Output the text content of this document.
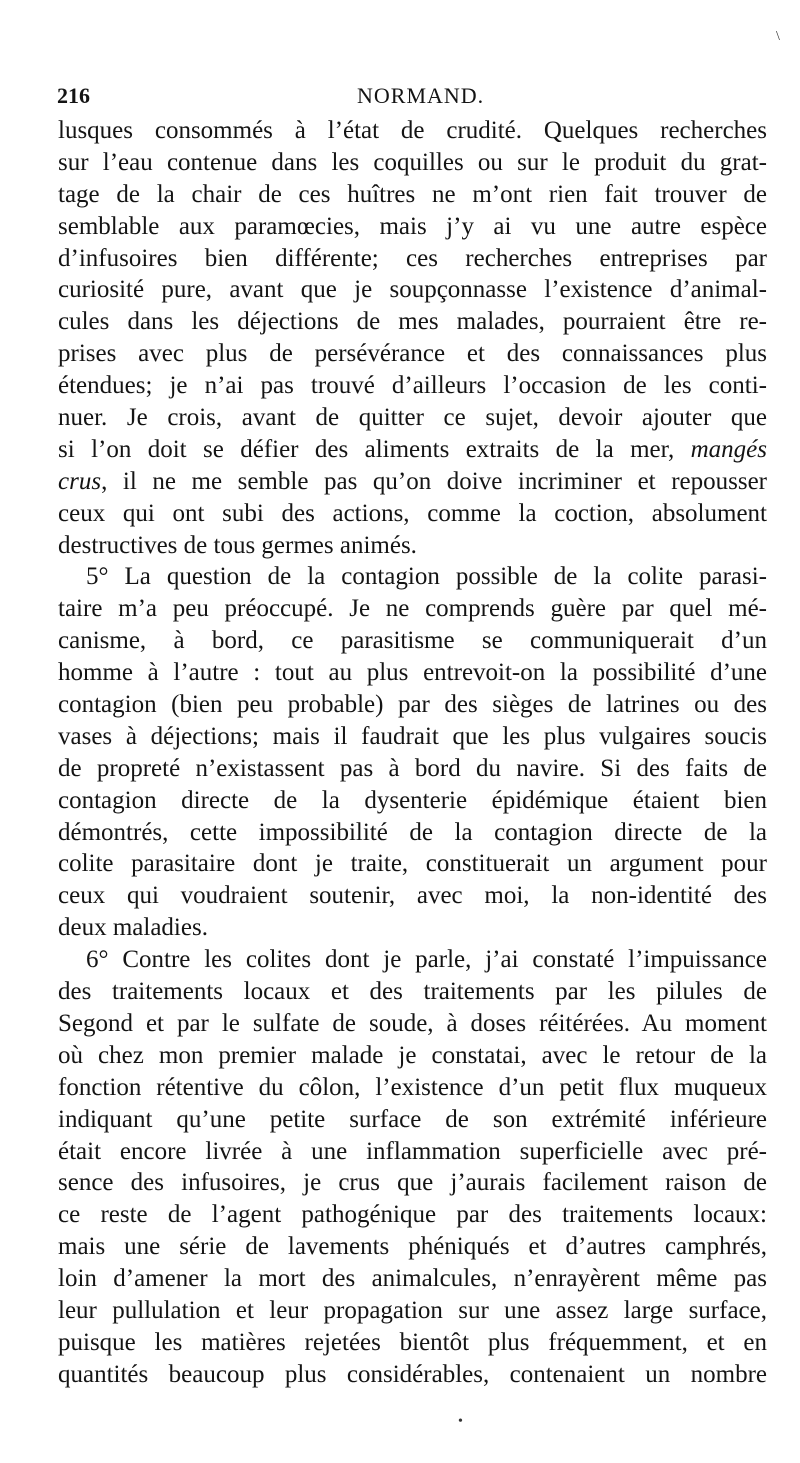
\
216	NORMAND.
lusques consommés à l’état de crudité. Quelques recherches
sur l’eau contenue dans les coquilles ou sur le produit du grat-
tage de la chair de ces huîtres ne m’ont rien fait trouver de
semblable aux paramœcies, mais j’y ai vu une autre espèce
d’infusoires bien différente; ces recherches entreprises par
curiosité pure, avant que je soupçonnasse l’existence d’animal-
cules dans les déjections de mes malades, pourraient être re-
prises avec plus de persévérance et des connaissances plus
étendues; je n’ai pas trouvé d’ailleurs l’occasion de les conti-
nuer. Je crois, avant de quitter ce sujet, devoir ajouter que
si l’on doit se défier des aliments extraits de la mer, mangés
crus, il ne me semble pas qu’on doive incriminer et repousser
ceux qui ont subi des actions, comme la coction, absolument
destructives de tous germes animés.
5° La question de la contagion possible de la colite parasi-
taire m’a peu préoccupé. Je ne comprends guère par quel mé-
canisme, à bord, ce parasitisme se communiquerait d’un
homme à l’autre : tout au plus entrevoit-on la possibilité d’une
contagion (bien peu probable) par des sièges de latrines ou des
vases à déjections; mais il faudrait que les plus vulgaires soucis
de propreté n’existassent pas à bord du navire. Si des faits de
contagion directe de la dysenterie épidémique étaient bien
démontrés, cette impossibilité de la contagion directe de la
colite parasitaire dont je traite, constituerait un argument pour
ceux qui voudraient soutenir, avec moi, la non-identité des
deux maladies.
6° Contre les colites dont je parle, j’ai constaté l’impuissance
des traitements locaux et des traitements par les pilules de
Segond et par le sulfate de soude, à doses réitérées. Au moment
où chez mon premier malade je constatai, avec le retour de la
fonction rétentive du côlon, l’existence d’un petit flux muqueux
indiquant qu’une petite surface de son extrémité inférieure
était encore livrée à une inflammation superficielle avec pré-
sence des infusoires, je crus que j’aurais facilement raison de
ce reste de l’agent pathogénique par des traitements locaux:
mais une série de lavements phéniqués et d’autres camphrés,
loin d’amener la mort des animalcules, n’enrayèrent même pas
leur pullulation et leur propagation sur une assez large surface,
puisque les matières rejetées bientôt plus fréquemment, et en
quantités beaucoup plus considérables, contenaient un nombre
•
